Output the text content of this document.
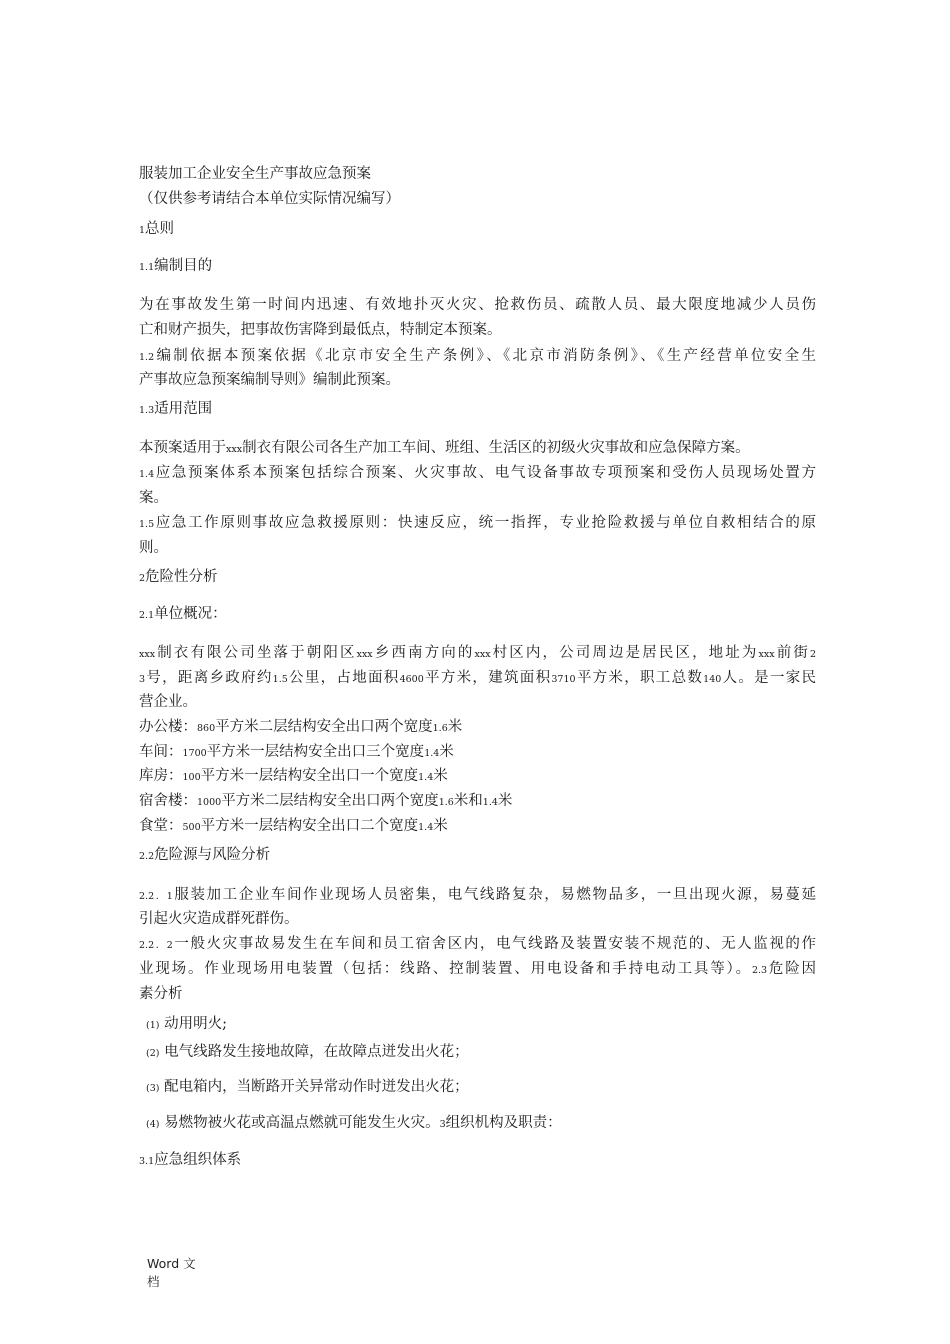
服装加工企业安全生产事故应急预案
（仅供参考请结合本单位实际情况编写）
1总则
1.1编制目的
为在事故发生第一时间内迅速、有效地扑灭火灾、抢救伤员、疏散人员、最大限度地减少人员伤
亡和财产损失，把事故伤害降到最低点，特制定本预案。
1.2编制依据本预案依据《北京市安全生产条例》、《北京市消防条例》、《生产经营单位安全生
产事故应急预案编制导则》编制此预案。
1.3适用范围
本预案适用于xxx制衣有限公司各生产加工车间、班组、生活区的初级火灾事故和应急保障方案。
1.4应急预案体系本预案包括综合预案、火灾事故、电气设备事故专项预案和受伤人员现场处置方
案。
1.5应急工作原则事故应急救援原则：快速反应，统一指挥，专业抢险救援与单位自救相结合的原
则。
2危险性分析
2.1单位概况：
xxx制衣有限公司坐落于朝阳区xxx乡西南方向的xxx村区内，公司周边是居民区，地址为xxx前街2
3号，距离乡政府约1.5公里，占地面积4600平方米，建筑面积3710平方米，职工总数140人。是一家民
营企业。
办公楼：860平方米二层结构安全出口两个宽度1.6米
车间：1700平方米一层结构安全出口三个宽度1.4米
库房：100平方米一层结构安全出口一个宽度1.4米
宿舍楼：1000平方米二层结构安全出口两个宽度1.6米和1.4米
食堂：500平方米一层结构安全出口二个宽度1.4米
2.2危险源与风险分析
2.2．1服装加工企业车间作业现场人员密集，电气线路复杂，易燃物品多，一旦出现火源，易蔓延
引起火灾造成群死群伤。
2.2．2一般火灾事故易发生在车间和员工宿舍区内，电气线路及装置安装不规范的、无人监视的作
业现场。作业现场用电装置（包括：线路、控制装置、用电设备和手持电动工具等）。2.3危险因
素分析
(1) 动用明火;
(2) 电气线路发生接地故障，在故障点迸发出火花；
(3) 配电箱内，当断路开关异常动作时迸发出火花；
(4) 易燃物被火花或高温点燃就可能发生火灾。3组织机构及职责：
3.1应急组织体系
Word 文
档
